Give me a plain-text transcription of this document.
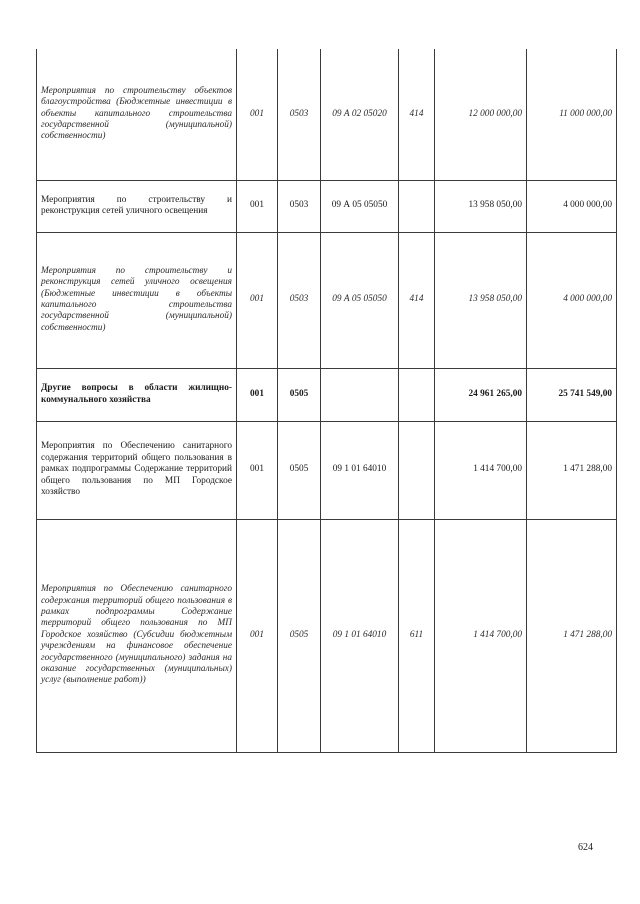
Мероприятия по строительству объектов благоустройства (Бюджетные инвестиции в объекты капитального строительства государственной (муниципальной) собственности)	001	0503	09 А 02 05020	414	12 000 000,00	11 000 000,00
Мероприятия по строительству и реконструкция сетей уличного освещения	001	0503	09 А 05 05050		13 958 050,00	4 000 000,00
Мероприятия по строительству и реконструкция сетей уличного освещения (Бюджетные инвестиции в объекты капитального строительства государственной (муниципальной) собственности)	001	0503	09 А 05 05050	414	13 958 050,00	4 000 000,00
Другие вопросы в области жилищно-коммунального хозяйства	001	0505			24 961 265,00	25 741 549,00
Мероприятия по Обеспечению санитарного содержания территорий общего пользования в рамках подпрограммы Содержание территорий общего пользования по МП Городское хозяйство	001	0505	09 1 01 64010		1 414 700,00	1 471 288,00
Мероприятия по Обеспечению санитарного содержания территорий общего пользования в рамках подпрограммы Содержание территорий общего пользования по МП Городское хозяйство (Субсидии бюджетным учреждениям на финансовое обеспечение государственного (муниципального) задания на оказание государственных (муниципальных) услуг (выполнение работ))	001	0505	09 1 01 64010	611	1 414 700,00	1 471 288,00
624
